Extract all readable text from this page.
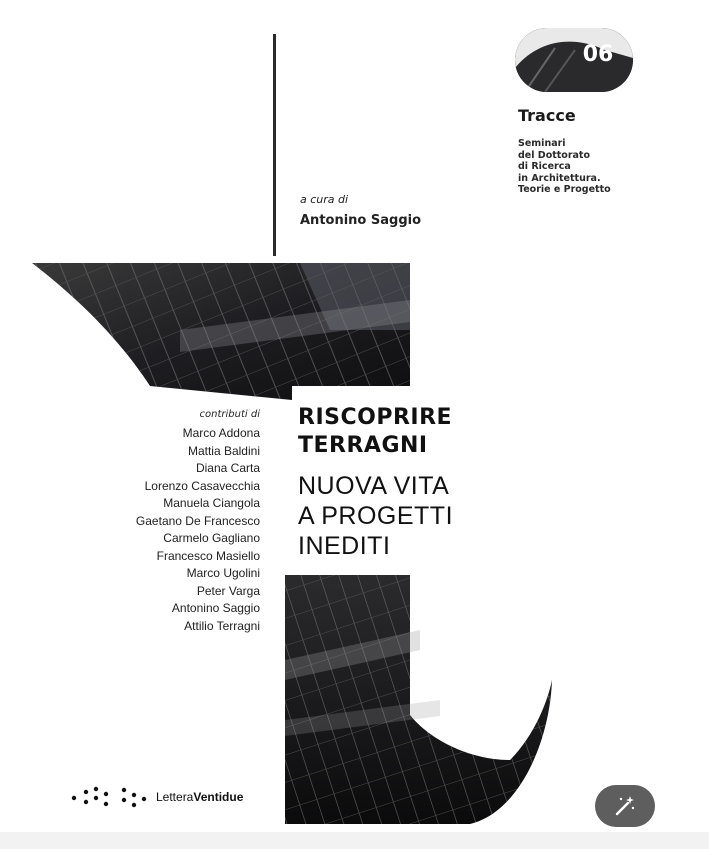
06
Tracce
Seminari
del Dottorato
di Ricerca
in Architettura.
Teorie e Progetto
a cura di
Antonino Saggio
contributi di
Marco Addona
Mattia Baldini
Diana Carta
Lorenzo Casavecchia
Manuela Ciangola
Gaetano De Francesco
Carmelo Gagliano
Francesco Masiello
Marco Ugolini
Peter Varga
Antonino Saggio
Attilio Terragni
RISCOPRIRE
TERRAGNI
NUOVA VITA
A PROGETTI
INEDITI
LetteraVentidue
